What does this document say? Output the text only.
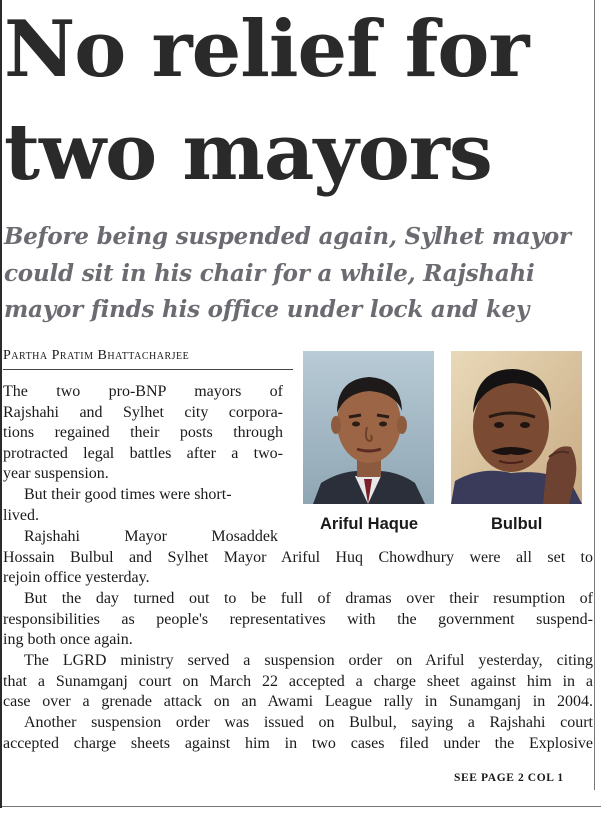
No relief for
two mayors
Before being suspended again, Sylhet mayor
could sit in his chair for a while, Rajshahi
mayor finds his office under lock and key
Partha Pratim Bhattacharjee
Ariful Haque	Bulbul
The two pro-BNP mayors of
Rajshahi and Sylhet city corpora-
tions regained their posts through
protracted legal battles after a two-
year suspension.
But their good times were short-
lived.
Rajshahi Mayor Mosaddek
Hossain Bulbul and Sylhet Mayor Ariful Huq Chowdhury were all set to
rejoin office yesterday.
But the day turned out to be full of dramas over their resumption of
responsibilities as people's representatives with the government suspend-
ing both once again.
The LGRD ministry served a suspension order on Ariful yesterday, citing
that a Sunamganj court on March 22 accepted a charge sheet against him in a
case over a grenade attack on an Awami League rally in Sunamganj in 2004.
Another suspension order was issued on Bulbul, saying a Rajshahi court
accepted charge sheets against him in two cases filed under the Explosive
SEE PAGE 2 COL 1
